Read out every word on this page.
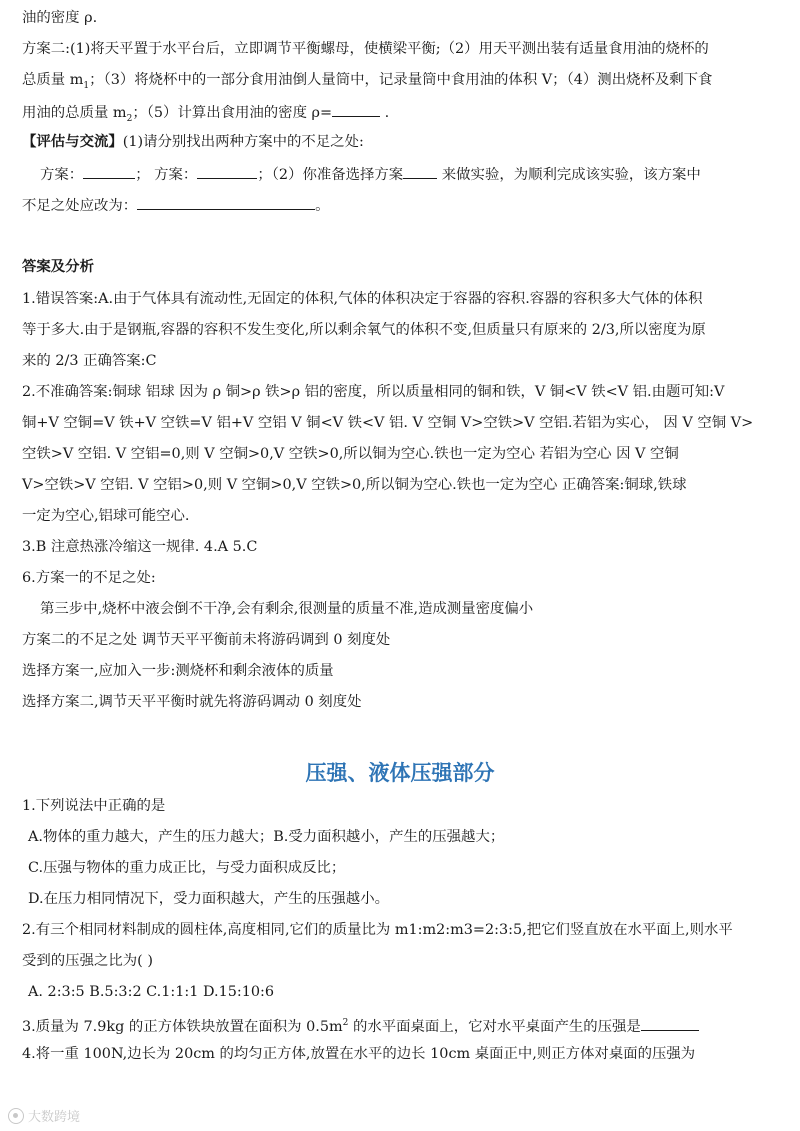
油的密度 ρ.
方案二:(1)将天平置于水平台后，立即调节平衡螺母，使横梁平衡;（2）用天平测出装有适量食用油的烧杯的
总质量 $m_1$；（3）将烧杯中的一部分食用油倒人量筒中，记录量筒中食用油的体积 V；（4）测出烧杯及剩下食
用油的总质量 $m_2$；（5）计算出食用油的密度 ρ=	.
【评估与交流】(1)请分别找出两种方案中的不足之处:
方案：	； 方案：	；（2）你准备选择方案 来做实验，为顺利完成该实验，该方案中
不足之处应改为：	。
答案及分析
1.错误答案:A.由于气体具有流动性,无固定的体积,气体的体积决定于容器的容积.容器的容积多大气体的体积
等于多大.由于是钢瓶,容器的容积不发生变化,所以剩余氧气的体积不变,但质量只有原来的 2/3,所以密度为原
来的 2/3 正确答案:C
2.不准确答案:铜球 铝球 因为 ρ 铜>ρ 铁>ρ 铝的密度，所以质量相同的铜和铁，V 铜<V 铁<V 铝.由题可知:V
铜+V 空铜=V 铁+V 空铁=V 铝+V 空铝 V 铜<V 铁<V 铝. V 空铜 V>空铁>V 空铝.若铝为实心， 因 V 空铜 V>
空铁>V 空铝. V 空铝=0,则 V 空铜>0,V 空铁>0,所以铜为空心.铁也一定为空心 若铝为空心 因 V 空铜
V>空铁>V 空铝. V 空铝>0,则 V 空铜>0,V 空铁>0,所以铜为空心.铁也一定为空心 正确答案:铜球,铁球
一定为空心,铝球可能空心.
3.B 注意热涨冷缩这一规律. 4.A 5.C
6.方案一的不足之处:
第三步中,烧杯中液会倒不干净,会有剩余,很测量的质量不准,造成测量密度偏小
方案二的不足之处 调节天平平衡前未将游码调到 0 刻度处
选择方案一,应加入一步:测烧杯和剩余液体的质量
选择方案二,调节天平平衡时就先将游码调动 0 刻度处
压强、液体压强部分
1.下列说法中正确的是
A.物体的重力越大，产生的压力越大；B.受力面积越小，产生的压强越大；
C.压强与物体的重力成正比，与受力面积成反比；
D.在压力相同情况下，受力面积越大，产生的压强越小。
2.有三个相同材料制成的圆柱体,高度相同,它们的质量比为 m1:m2:m3=2:3:5,把它们竖直放在水平面上,则水平
受到的压强之比为( )
A. 2:3:5 B.5:3:2 C.1:1:1 D.15:10:6
3.质量为 7.9kg 的正方体铁块放置在面积为 $0.5m^2$ 的水平面桌面上，它对水平桌面产生的压强是
4.将一重 100N,边长为 20cm 的均匀正方体,放置在水平的边长 10cm 桌面正中,则正方体对桌面的压强为
大数跨境
